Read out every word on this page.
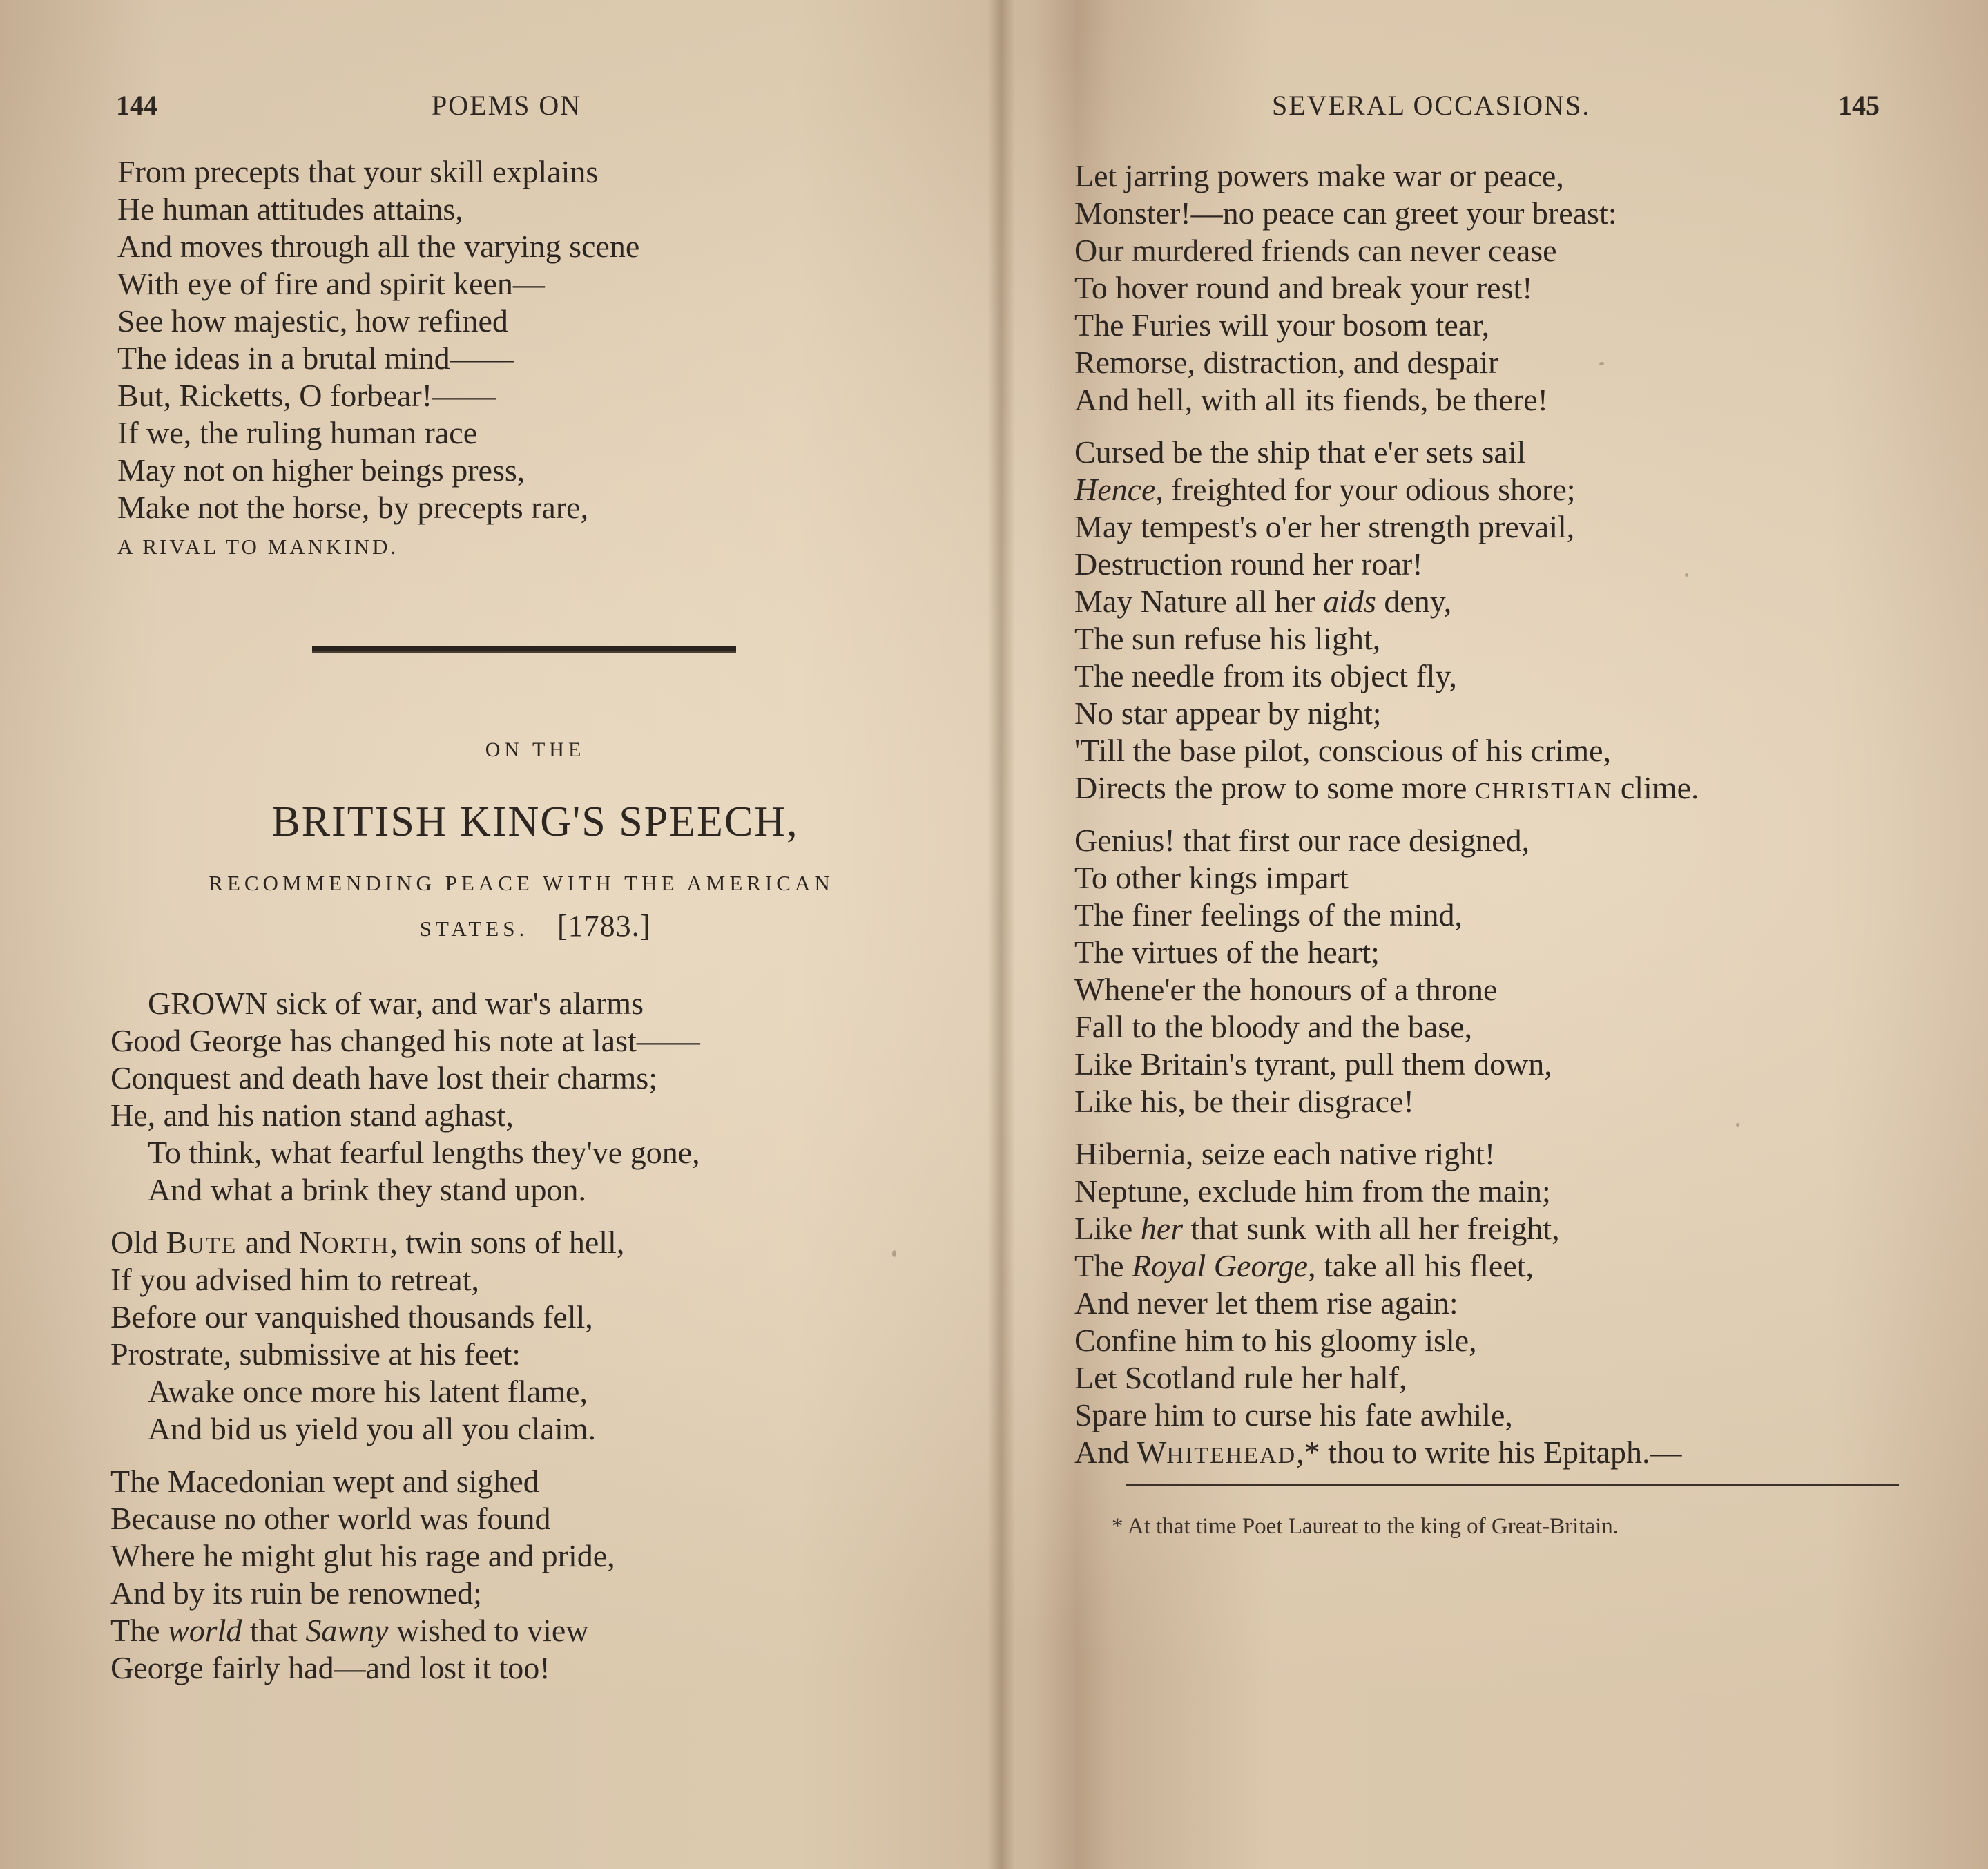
144	POEMS ON
From precepts that your skill explains
He human attitudes attains,
And moves through all the varying scene
With eye of fire and spirit keen—
See how majestic, how refined
The ideas in a brutal mind——
But, Ricketts, O forbear!——
If we, the ruling human race
May not on higher beings press,
Make not the horse, by precepts rare,
A RIVAL TO MANKIND.
ON THE
BRITISH KING'S SPEECH,
RECOMMENDING PEACE WITH THE AMERICAN
STATES. [1783.]
GROWN sick of war, and war's alarms
Good George has changed his note at last——
Conquest and death have lost their charms;
He, and his nation stand aghast,
To think, what fearful lengths they've gone,
And what a brink they stand upon.
Old BUTE and NORTH, twin sons of hell,
If you advised him to retreat,
Before our vanquished thousands fell,
Prostrate, submissive at his feet:
Awake once more his latent flame,
And bid us yield you all you claim.
The Macedonian wept and sighed
Because no other world was found
Where he might glut his rage and pride,
And by its ruin be renowned;
The world that Sawny wished to view
George fairly had—and lost it too!
SEVERAL OCCASIONS.	145
Let jarring powers make war or peace,
Monster!—no peace can greet your breast:
Our murdered friends can never cease
To hover round and break your rest!
The Furies will your bosom tear,
Remorse, distraction, and despair
And hell, with all its fiends, be there!
Cursed be the ship that e'er sets sail
Hence, freighted for your odious shore;
May tempest's o'er her strength prevail,
Destruction round her roar!
May Nature all her aids deny,
The sun refuse his light,
The needle from its object fly,
No star appear by night;
'Till the base pilot, conscious of his crime,
Directs the prow to some more CHRISTIAN clime.
Genius! that first our race designed,
To other kings impart
The finer feelings of the mind,
The virtues of the heart;
Whene'er the honours of a throne
Fall to the bloody and the base,
Like Britain's tyrant, pull them down,
Like his, be their disgrace!
Hibernia, seize each native right!
Neptune, exclude him from the main;
Like her that sunk with all her freight,
The Royal George, take all his fleet,
And never let them rise again:
Confine him to his gloomy isle,
Let Scotland rule her half,
Spare him to curse his fate awhile,
And WHITEHEAD,* thou to write his Epitaph.—
* At that time Poet Laureat to the king of Great-Britain.
